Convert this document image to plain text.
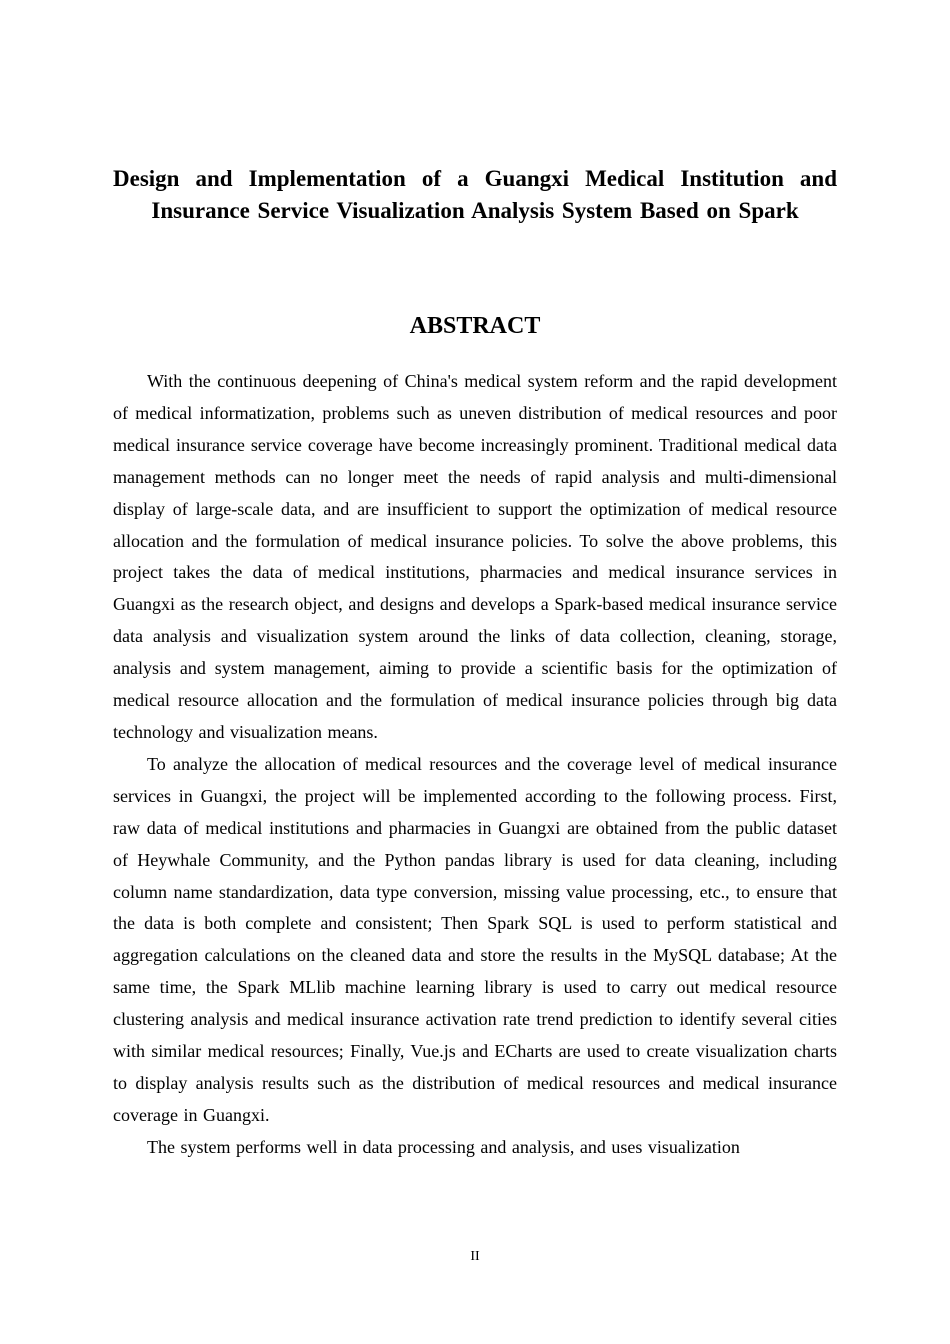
Design and Implementation of a Guangxi Medical Institution and Insurance Service Visualization Analysis System Based on Spark
ABSTRACT

With the continuous deepening of China's medical system reform and the rapid development of medical informatization, problems such as uneven distribution of medical resources and poor medical insurance service coverage have become increasingly prominent. Traditional medical data management methods can no longer meet the needs of rapid analysis and multi-dimensional display of large-scale data, and are insufficient to support the optimization of medical resource allocation and the formulation of medical insurance policies. To solve the above problems, this project takes the data of medical institutions, pharmacies and medical insurance services in Guangxi as the research object, and designs and develops a Spark-based medical insurance service data analysis and visualization system around the links of data collection, cleaning, storage, analysis and system management, aiming to provide a scientific basis for the optimization of medical resource allocation and the formulation of medical insurance policies through big data technology and visualization means.

To analyze the allocation of medical resources and the coverage level of medical insurance services in Guangxi, the project will be implemented according to the following process. First, raw data of medical institutions and pharmacies in Guangxi are obtained from the public dataset of Heywhale Community, and the Python pandas library is used for data cleaning, including column name standardization, data type conversion, missing value processing, etc., to ensure that the data is both complete and consistent; Then Spark SQL is used to perform statistical and aggregation calculations on the cleaned data and store the results in the MySQL database; At the same time, the Spark MLlib machine learning library is used to carry out medical resource clustering analysis and medical insurance activation rate trend prediction to identify several cities with similar medical resources; Finally, Vue.js and ECharts are used to create visualization charts to display analysis results such as the distribution of medical resources and medical insurance coverage in Guangxi.

The system performs well in data processing and analysis, and uses visualization

II
